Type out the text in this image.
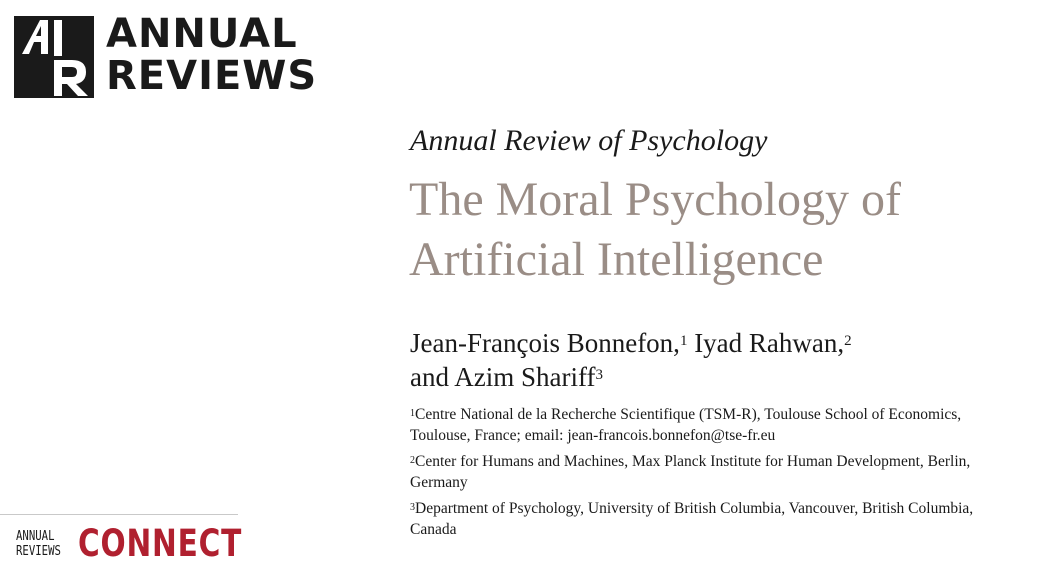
ANNUAL
REVIEWS
ANNUAL
REVIEWS CONNECT
Annual Review of Psychology
The Moral Psychology of
Artificial Intelligence
Jean-François Bonnefon,$^1$ Iyad Rahwan,$^2$
and Azim Shariff$^3$
$^1$Centre National de la Recherche Scientifique (TSM-R), Toulouse School of Economics,
Toulouse, France; email: jean-francois.bonnefon@tse-fr.eu
$^2$Center for Humans and Machines, Max Planck Institute for Human Development, Berlin,
Germany
$^3$Department of Psychology, University of British Columbia, Vancouver, British Columbia,
Canada
